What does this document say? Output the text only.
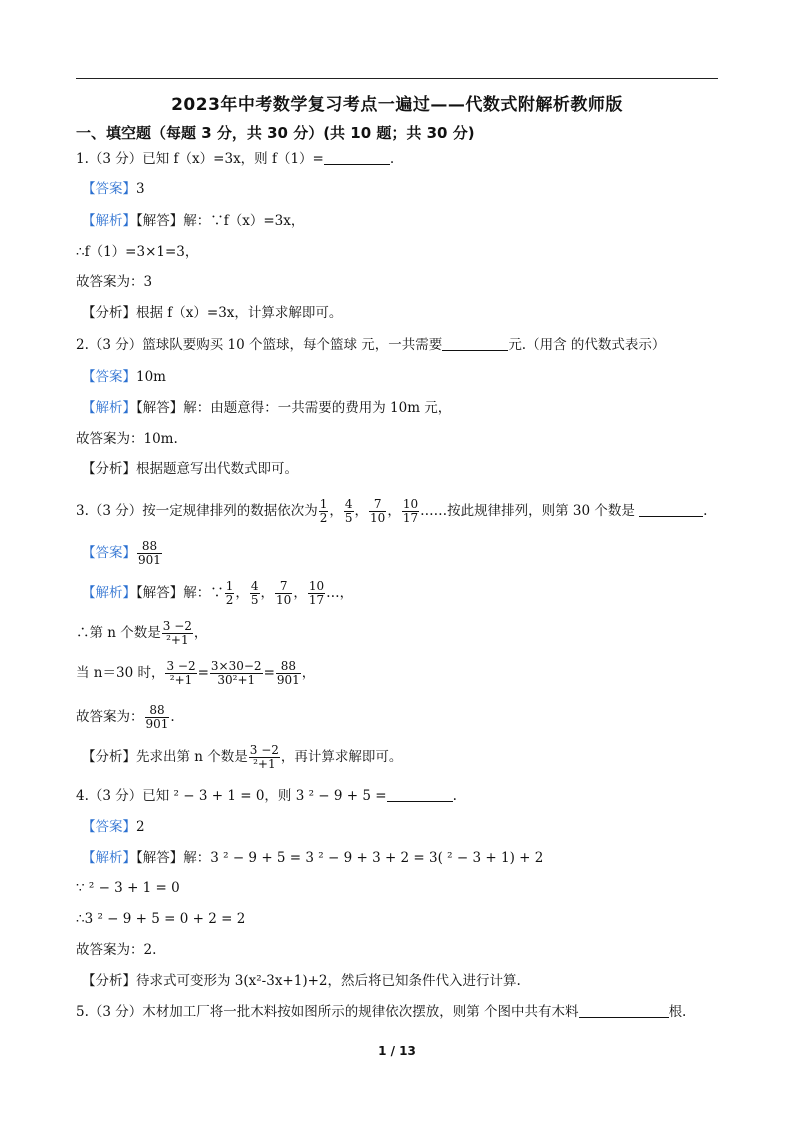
2023年中考数学复习考点一遍过——代数式附解析教师版
一、填空题（每题 3 分，共 30 分）(共 10 题；共 30 分)
1.（3 分）已知 f（x）=3x，则 f（1）=	.
【答案】3
【解析】【解答】解：∵f（x）=3x，
∴f（1）=3×1=3，
故答案为：3
【分析】根据 f（x）=3x，计算求解即可。
2.（3 分）篮球队要购买 10 个篮球，每个篮球 元，一共需要	元.（用含 的代数式表示）
【答案】10m
【解析】【解答】解：由题意得：一共需要的费用为 10m 元，
故答案为：10m.
【分析】根据题意写出代数式即可。
3.（3 分）按一定规律排列的数据依次为 $\frac{1}{2}$ ， $\frac{4}{5}$ ， $\frac{7}{10}$ ， $\frac{10}{17}$ ……按此规律排列，则第 30 个数是	.
【答案】 $\frac{88}{901}$
【解析】【解答】解：∵ $\frac{1}{2}$ ， $\frac{4}{5}$ ， $\frac{7}{10}$ ， $\frac{10}{17}$ …，
∴第 n 个数是 $\frac{3 -2}{\text{²+1}}$ ，
当 n＝30 时， $\frac{3 -2}{\text{²+1}} = \frac{3\times 30-2}{\text{30²+1}} = \frac{88}{901}$ ，
故答案为： $\frac{88}{901}$ .
【分析】先求出第 n 个数是 $\frac{3 -2}{\text{²+1}}$ ，再计算求解即可。
4.（3 分）已知 ² − 3 + 1 = 0，则 3 ² − 9 + 5 =	.
【答案】2
【解析】【解答】解：3 ² − 9 + 5 = 3 ² − 9 + 3 + 2 = 3( ² − 3 + 1) + 2
∵ ² − 3 + 1 = 0
∴3 ² − 9 + 5 = 0 + 2 = 2
故答案为：2.
【分析】待求式可变形为 3(x²-3x+1)+2，然后将已知条件代入进行计算.
5.（3 分）木材加工厂将一批木料按如图所示的规律依次摆放，则第 个图中共有木料	根.
1 / 13
